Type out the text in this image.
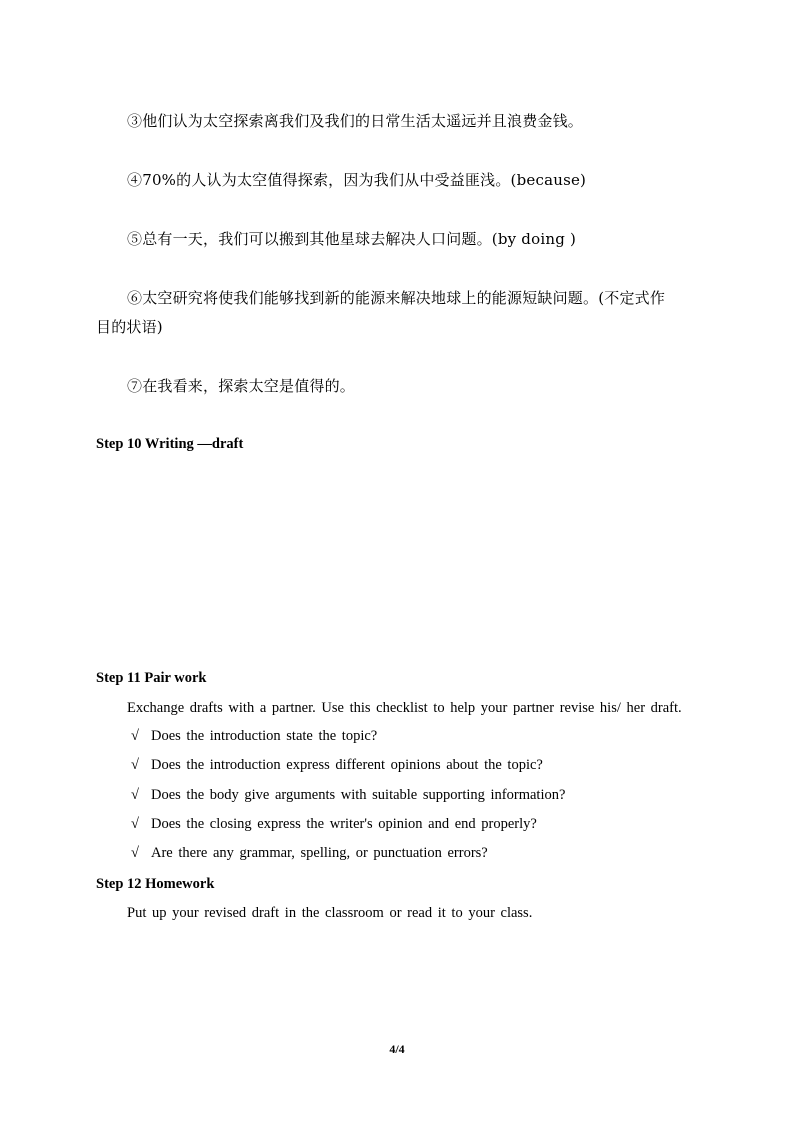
③他们认为太空探索离我们及我们的日常生活太遥远并且浪费金钱。

④70%的人认为太空值得探索，因为我们从中受益匪浅。(because)

⑤总有一天，我们可以搬到其他星球去解决人口问题。(by doing )

⑥太空研究将使我们能够找到新的能源来解决地球上的能源短缺问题。(不定式作

目的状语)

⑦在我看来，探索太空是值得的。

Step 10 Writing —draft

Step 11 Pair work

Exchange drafts with a partner. Use this checklist to help your partner revise his/ her draft.

√ Does the introduction state the topic?

√ Does the introduction express different opinions about the topic?

√ Does the body give arguments with suitable supporting information?

√ Does the closing express the writer's opinion and end properly?

√ Are there any grammar, spelling, or punctuation errors?

Step 12 Homework

Put up your revised draft in the classroom or read it to your class.

4/4
